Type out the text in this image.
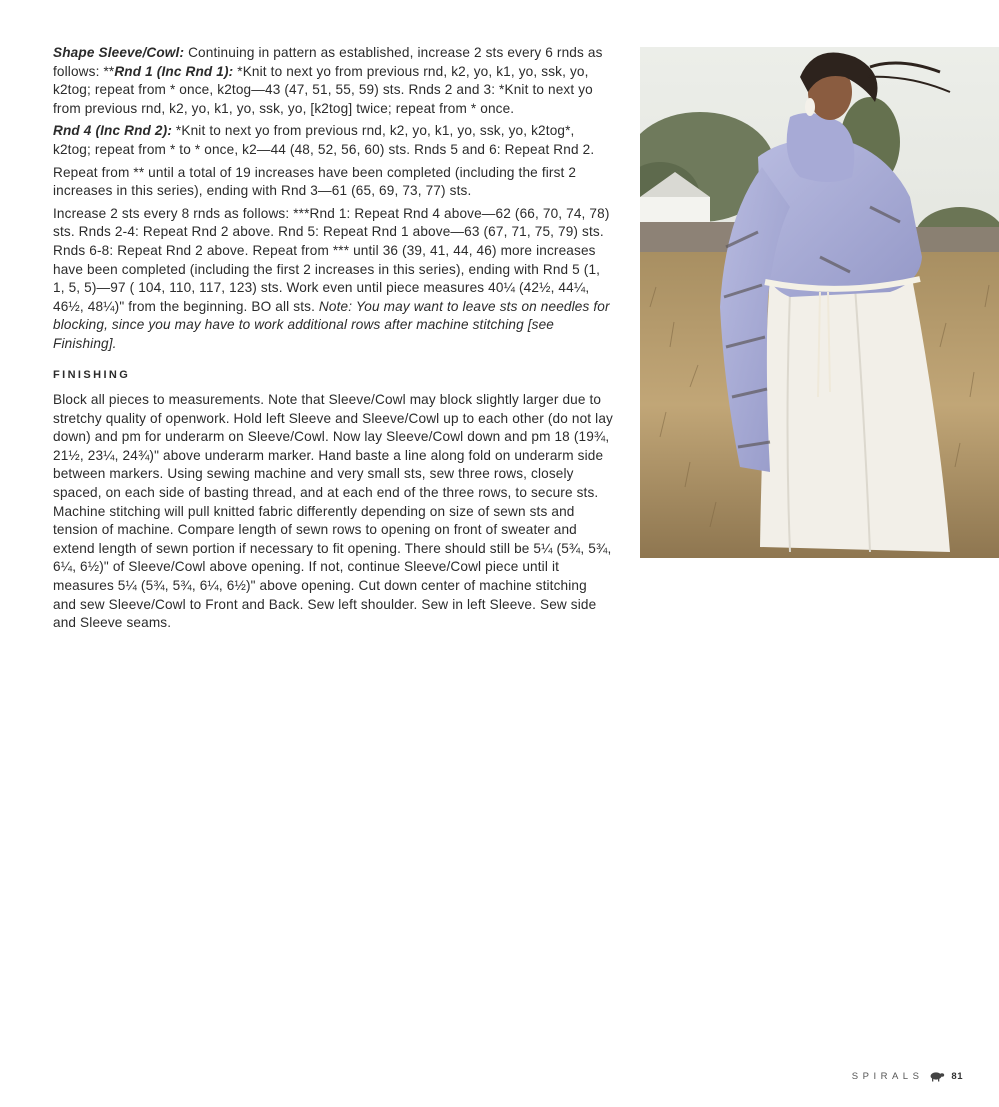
Shape Sleeve/Cowl: Continuing in pattern as established, increase 2 sts every 6 rnds as follows: **Rnd 1 (Inc Rnd 1): *Knit to next yo from previous rnd, k2, yo, k1, yo, ssk, yo, k2tog; repeat from * once, k2tog—43 (47, 51, 55, 59) sts. Rnds 2 and 3: *Knit to next yo from previous rnd, k2, yo, k1, yo, ssk, yo, [k2tog] twice; repeat from * once.

Rnd 4 (Inc Rnd 2): *Knit to next yo from previous rnd, k2, yo, k1, yo, ssk, yo, k2tog*, k2tog; repeat from * to * once, k2—44 (48, 52, 56, 60) sts. Rnds 5 and 6: Repeat Rnd 2.

Repeat from ** until a total of 19 increases have been completed (including the first 2 increases in this series), ending with Rnd 3—61 (65, 69, 73, 77) sts.

Increase 2 sts every 8 rnds as follows: ***Rnd 1: Repeat Rnd 4 above—62 (66, 70, 74, 78) sts. Rnds 2-4: Repeat Rnd 2 above. Rnd 5: Repeat Rnd 1 above—63 (67, 71, 75, 79) sts. Rnds 6-8: Repeat Rnd 2 above. Repeat from *** until 36 (39, 41, 44, 46) more increases have been completed (including the first 2 increases in this series), ending with Rnd 5 (1, 1, 5, 5)—97 ( 104, 110, 117, 123) sts. Work even until piece measures 40¼ (42½, 44¼, 46½, 48¼)" from the beginning. BO all sts. Note: You may want to leave sts on needles for blocking, since you may have to work additional rows after machine stitching [see Finishing].

FINISHING

Block all pieces to measurements. Note that Sleeve/Cowl may block slightly larger due to stretchy quality of openwork. Hold left Sleeve and Sleeve/Cowl up to each other (do not lay down) and pm for underarm on Sleeve/Cowl. Now lay Sleeve/Cowl down and pm 18 (19¾, 21½, 23¼, 24¾)" above underarm marker. Hand baste a line along fold on underarm side between markers. Using sewing machine and very small sts, sew three rows, closely spaced, on each side of basting thread, and at each end of the three rows, to secure sts. Machine stitching will pull knitted fabric differently depending on size of sewn sts and tension of machine. Compare length of sewn rows to opening on front of sweater and extend length of sewn portion if necessary to fit opening. There should still be 5¼ (5¾, 5¾, 6¼, 6½)" of Sleeve/Cowl above opening. If not, continue Sleeve/Cowl piece until it measures 5¼ (5¾, 5¾, 6¼, 6½)" above opening. Cut down center of machine stitching and sew Sleeve/Cowl to Front and Back. Sew left shoulder. Sew in left Sleeve. Sew side and Sleeve seams.

SPIRALS	81
